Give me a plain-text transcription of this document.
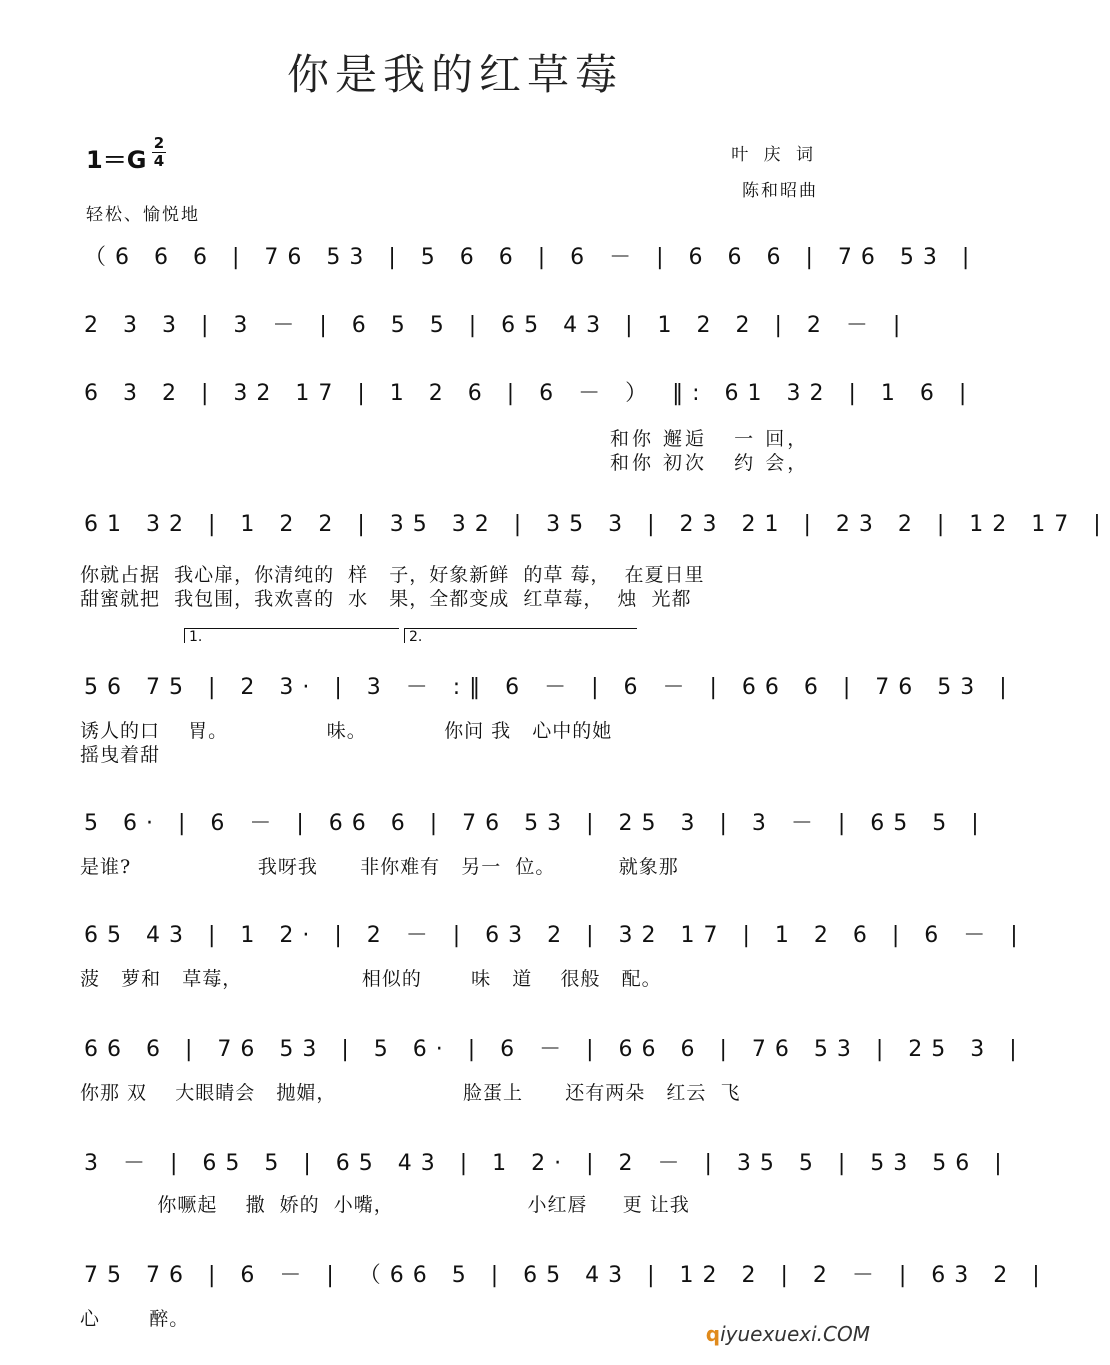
你是我的红草莓
1＝G
2
4	叶 庆 词
陈和昭曲
轻松、愉悦地
（6 6 6 | 76 53 | 5 6 6 | 6 － | 6 6 6 | 76 53 |
2 3 3 | 3 － | 6 5 5 | 65 43 | 1 2 2 | 2 － |
6 3 2 | 32 17 | 1 2 6 | 6 － ） ‖: 61 32 | 1 6 |
和你 邂逅   一 回，
和你 初次   约 会，
61 32 | 1 2 2 | 35 32 | 35 3 | 23 21 | 23 2 | 12 17 |
你就占据  我心扉，你清纯的  样   子，好象新鲜  的草 莓，  在夏日里
甜蜜就把  我包围，我欢喜的  水   果，全都变成  红草莓，  烛  光都
1.	2.
56 75 | 2 3· | 3 － :‖ 6 － | 6 － | 66 6 | 76 53 |
诱人的口    胃。              味。           你问 我   心中的她
摇曳着甜
5 6· | 6 － | 66 6 | 76 53 | 25 3 | 3 － | 65 5 |
是谁?                  我呀我      非你难有   另一  位。         就象那
65 43 | 1 2· | 2 － | 63 2 | 32 17 | 1 2 6 | 6 － |
菠   萝和   草莓，                 相似的       味   道    很般   配。
66 6 | 76 53 | 5 6· | 6 － | 66 6 | 76 53 | 25 3 |
你那 双    大眼睛会   抛媚，                  脸蛋上      还有两朵   红云  飞
3 － | 65 5 | 65 43 | 1 2· | 2 － | 35 5 | 53 56 |
你噘起    撒  娇的  小嘴，                   小红唇     更 让我
75 76 | 6 － | （66 5 | 65 43 | 12 2 | 2 － | 63 2 |
心       醉。
qiyuexuexi.COM
